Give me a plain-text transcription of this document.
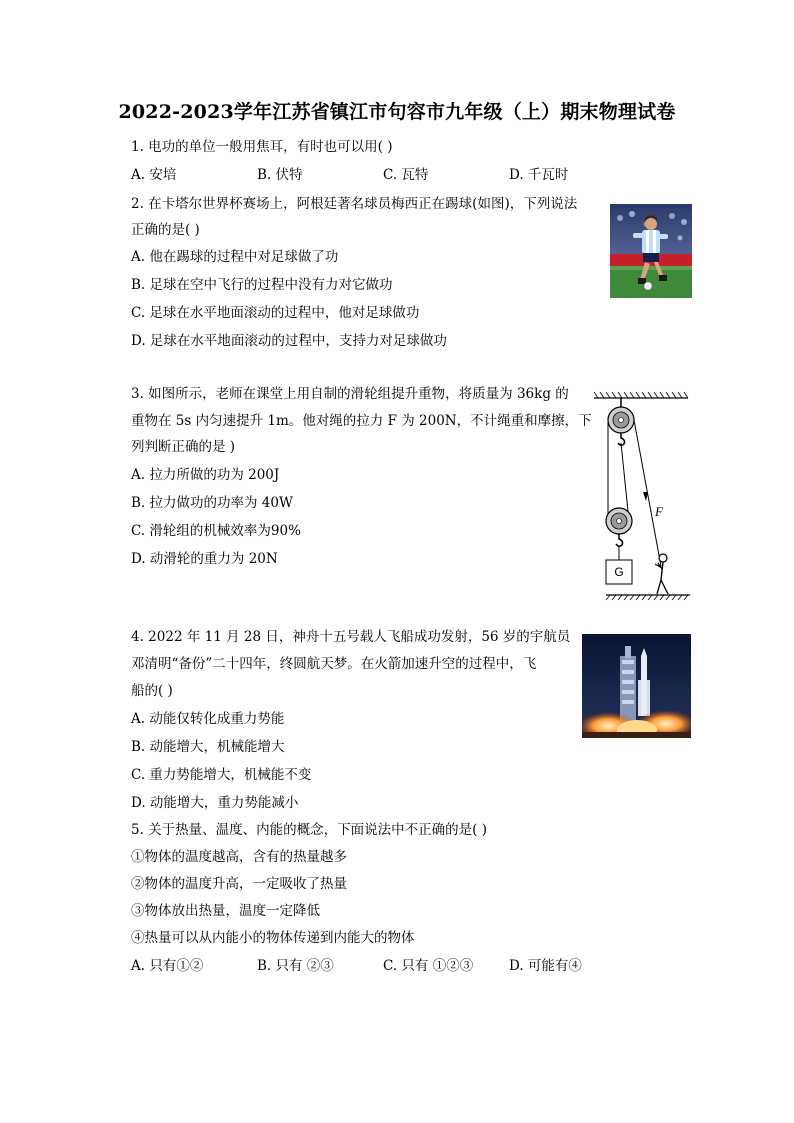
2022-2023学年江苏省镇江市句容市九年级（上）期末物理试卷
1. 电功的单位一般用焦耳，有时也可以用( )
A. 安培	B. 伏特	C. 瓦特	D. 千瓦时
2. 在卡塔尔世界杯赛场上，阿根廷著名球员梅西正在踢球(如图)，下列说法
正确的是( )
A. 他在踢球的过程中对足球做了功
B. 足球在空中飞行的过程中没有力对它做功
C. 足球在水平地面滚动的过程中，他对足球做功
D. 足球在水平地面滚动的过程中，支持力对足球做功
3. 如图所示，老师在课堂上用自制的滑轮组提升重物，将质量为 36kg 的
重物在 5s 内匀速提升 1m。他对绳的拉力 F 为 200N，不计绳重和摩擦，下
列判断正确的是 )
A. 拉力所做的功为 200J
B. 拉力做功的功率为 40W
C. 滑轮组的机械效率为90%
D. 动滑轮的重力为 20N
F
G
4. 2022 年 11 月 28 日，神舟十五号载人飞船成功发射，56 岁的宇航员
邓清明“备份”二十四年，终圆航天梦。在火箭加速升空的过程中，飞
船的( )
A. 动能仅转化成重力势能
B. 动能增大，机械能增大
C. 重力势能增大，机械能不变
D. 动能增大，重力势能减小
5. 关于热量、温度、内能的概念，下面说法中不正确的是( )
①物体的温度越高，含有的热量越多
②物体的温度升高，一定吸收了热量
③物体放出热量，温度一定降低
④热量可以从内能小的物体传递到内能大的物体
A. 只有①②	B. 只有 ②③	C. 只有 ①②③	D. 可能有④
